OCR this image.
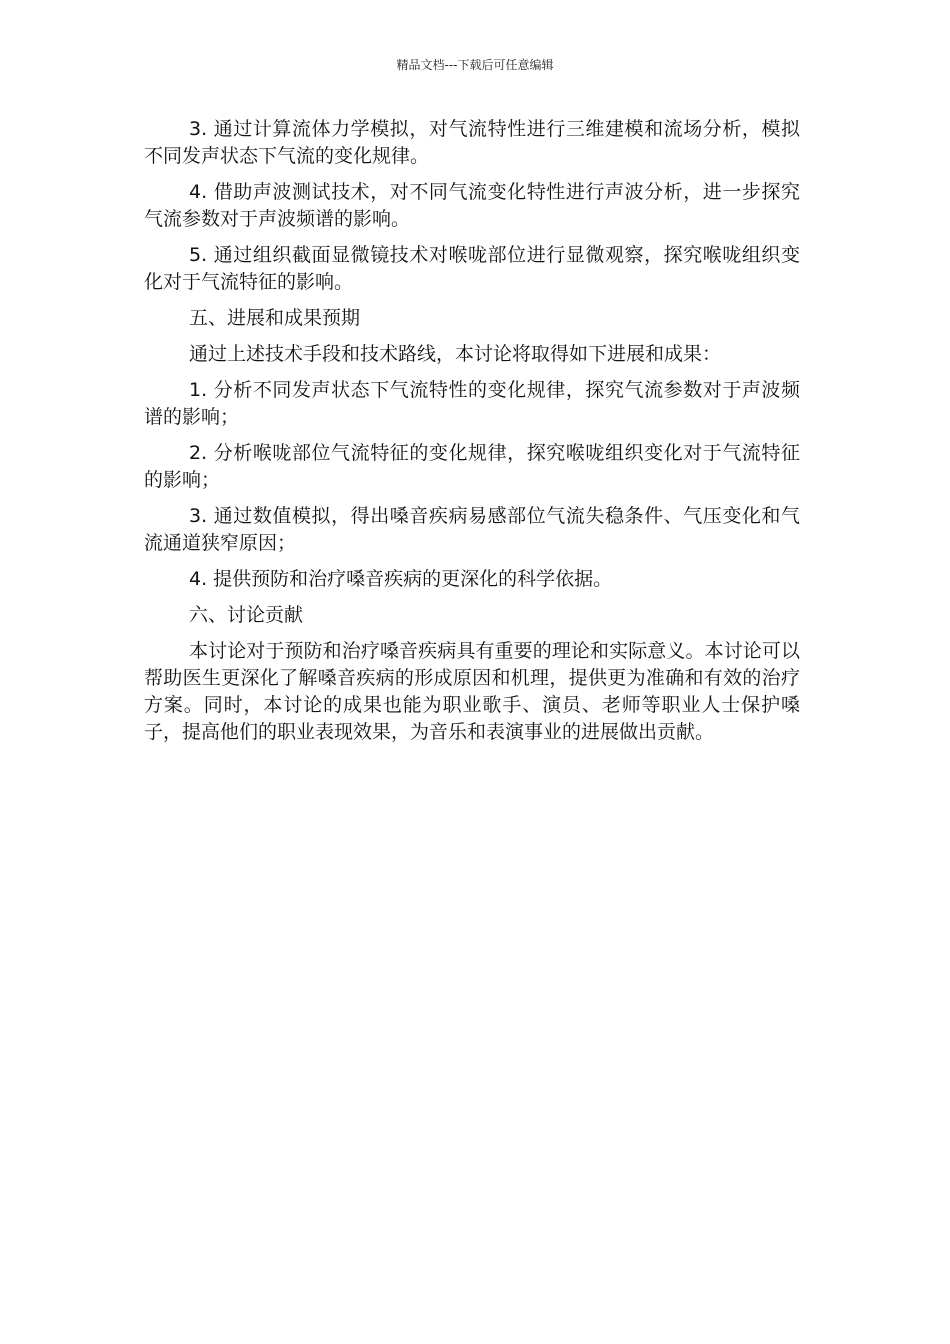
精品文档---下载后可任意编辑

3. 通过计算流体力学模拟，对气流特性进行三维建模和流场分析，模拟不同发声状态下气流的变化规律。

4. 借助声波测试技术，对不同气流变化特性进行声波分析，进一步探究气流参数对于声波频谱的影响。

5. 通过组织截面显微镜技术对喉咙部位进行显微观察，探究喉咙组织变化对于气流特征的影响。

五、进展和成果预期

通过上述技术手段和技术路线，本讨论将取得如下进展和成果：

1. 分析不同发声状态下气流特性的变化规律，探究气流参数对于声波频谱的影响；

2. 分析喉咙部位气流特征的变化规律，探究喉咙组织变化对于气流特征的影响；

3. 通过数值模拟，得出嗓音疾病易感部位气流失稳条件、气压变化和气流通道狭窄原因；

4. 提供预防和治疗嗓音疾病的更深化的科学依据。

六、讨论贡献

本讨论对于预防和治疗嗓音疾病具有重要的理论和实际意义。本讨论可以帮助医生更深化了解嗓音疾病的形成原因和机理，提供更为准确和有效的治疗方案。同时，本讨论的成果也能为职业歌手、演员、老师等职业人士保护嗓子，提高他们的职业表现效果，为音乐和表演事业的进展做出贡献。
